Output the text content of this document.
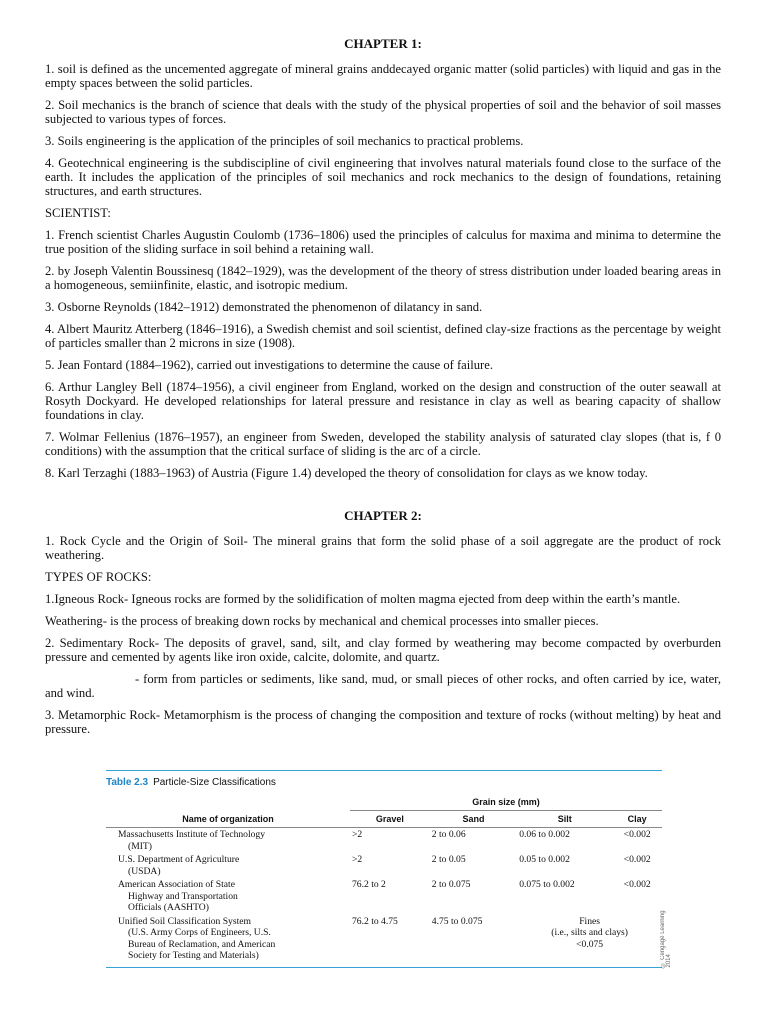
CHAPTER 1:

1. soil is defined as the uncemented aggregate of mineral grains anddecayed organic matter (solid particles) with liquid and gas in the empty spaces between the solid particles.

2. Soil mechanics is the branch of science that deals with the study of the physical properties of soil and the behavior of soil masses subjected to various types of forces.

3. Soils engineering is the application of the principles of soil mechanics to practical problems.

4. Geotechnical engineering is the subdiscipline of civil engineering that involves natural materials found close to the surface of the earth. It includes the application of the principles of soil mechanics and rock mechanics to the design of foundations, retaining structures, and earth structures.

SCIENTIST:

1. French scientist Charles Augustin Coulomb (1736–1806) used the principles of calculus for maxima and minima to determine the true position of the sliding surface in soil behind a retaining wall.

2. by Joseph Valentin Boussinesq (1842–1929), was the development of the theory of stress distribution under loaded bearing areas in a homogeneous, semiinfinite, elastic, and isotropic medium.

3. Osborne Reynolds (1842–1912) demonstrated the phenomenon of dilatancy in sand.

4. Albert Mauritz Atterberg (1846–1916), a Swedish chemist and soil scientist, defined clay-size fractions as the percentage by weight of particles smaller than 2 microns in size (1908).

5. Jean Fontard (1884–1962), carried out investigations to determine the cause of failure.

6. Arthur Langley Bell (1874–1956), a civil engineer from England, worked on the design and construction of the outer seawall at Rosyth Dockyard. He developed relationships for lateral pressure and resistance in clay as well as bearing capacity of shallow foundations in clay.

7. Wolmar Fellenius (1876–1957), an engineer from Sweden, developed the stability analysis of saturated clay slopes (that is, f 0 conditions) with the assumption that the critical surface of sliding is the arc of a circle.

8. Karl Terzaghi (1883–1963) of Austria (Figure 1.4) developed the theory of consolidation for clays as we know today.

CHAPTER 2:

1. Rock Cycle and the Origin of Soil- The mineral grains that form the solid phase of a soil aggregate are the product of rock weathering.

TYPES OF ROCKS:

1.Igneous Rock- Igneous rocks are formed by the solidification of molten magma ejected from deep within the earth’s mantle.

Weathering- is the process of breaking down rocks by mechanical and chemical processes into smaller pieces.

2. Sedimentary Rock- The deposits of gravel, sand, silt, and clay formed by weathering may become compacted by overburden pressure and cemented by agents like iron oxide, calcite, dolomite, and quartz.

- form from particles or sediments, like sand, mud, or small pieces of other rocks, and often carried by ice, water, and wind.

3. Metamorphic Rock- Metamorphism is the process of changing the composition and texture of rocks (without melting) by heat and pressure.

Table 2.3 Particle-Size Classifications
	Grain size (mm)			
Name of organization	Gravel	Sand	Silt	Clay
Massachusetts Institute of Technology
(MIT)	>2	2 to 0.06	0.06 to 0.002	<0.002
U.S. Department of Agriculture
(USDA)	>2	2 to 0.05	0.05 to 0.002	<0.002
American Association of State
Highway and Transportation
Officials (AASHTO)	76.2 to 2	2 to 0.075	0.075 to 0.002	<0.002
Unified Soil Classification System
(U.S. Army Corps of Engineers, U.S.
Bureau of Reclamation, and American
Society for Testing and Materials)	76.2 to 4.75	4.75 to 0.075	Fines
(i.e., silts and clays)
<0.075		© Cengage Learning 2014
